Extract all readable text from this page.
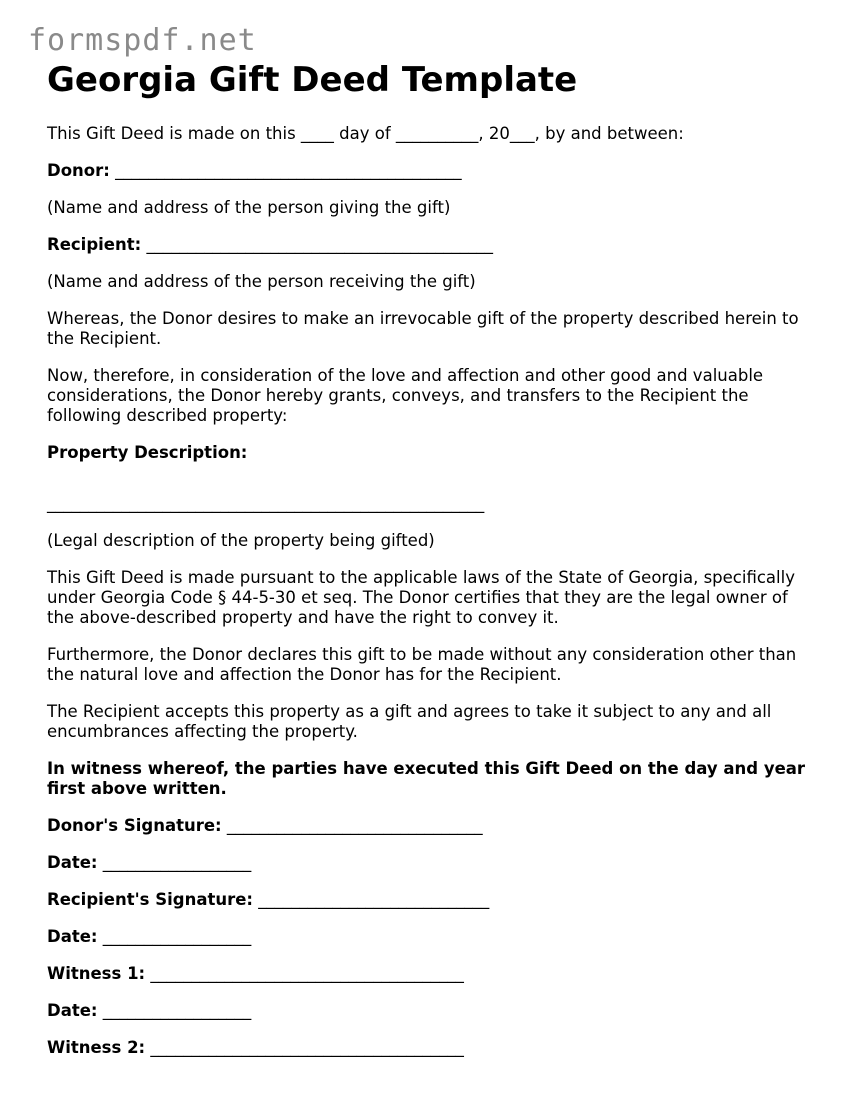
formspdf.net
Georgia Gift Deed Template

This Gift Deed is made on this ____ day of __________, 20___, by and between:

Donor: __________________________________________

(Name and address of the person giving the gift)

Recipient: __________________________________________

(Name and address of the person receiving the gift)

Whereas, the Donor desires to make an irrevocable gift of the property described herein to the Recipient.

Now, therefore, in consideration of the love and affection and other good and valuable considerations, the Donor hereby grants, conveys, and transfers to the Recipient the following described property:

Property Description:

_____________________________________________________

(Legal description of the property being gifted)

This Gift Deed is made pursuant to the applicable laws of the State of Georgia, specifically under Georgia Code § 44-5-30 et seq. The Donor certifies that they are the legal owner of the above-described property and have the right to convey it.

Furthermore, the Donor declares this gift to be made without any consideration other than the natural love and affection the Donor has for the Recipient.

The Recipient accepts this property as a gift and agrees to take it subject to any and all encumbrances affecting the property.

In witness whereof, the parties have executed this Gift Deed on the day and year first above written.

Donor's Signature: _______________________________

Date: __________________

Recipient's Signature: ____________________________

Date: __________________

Witness 1: ______________________________________

Date: __________________

Witness 2: ______________________________________
